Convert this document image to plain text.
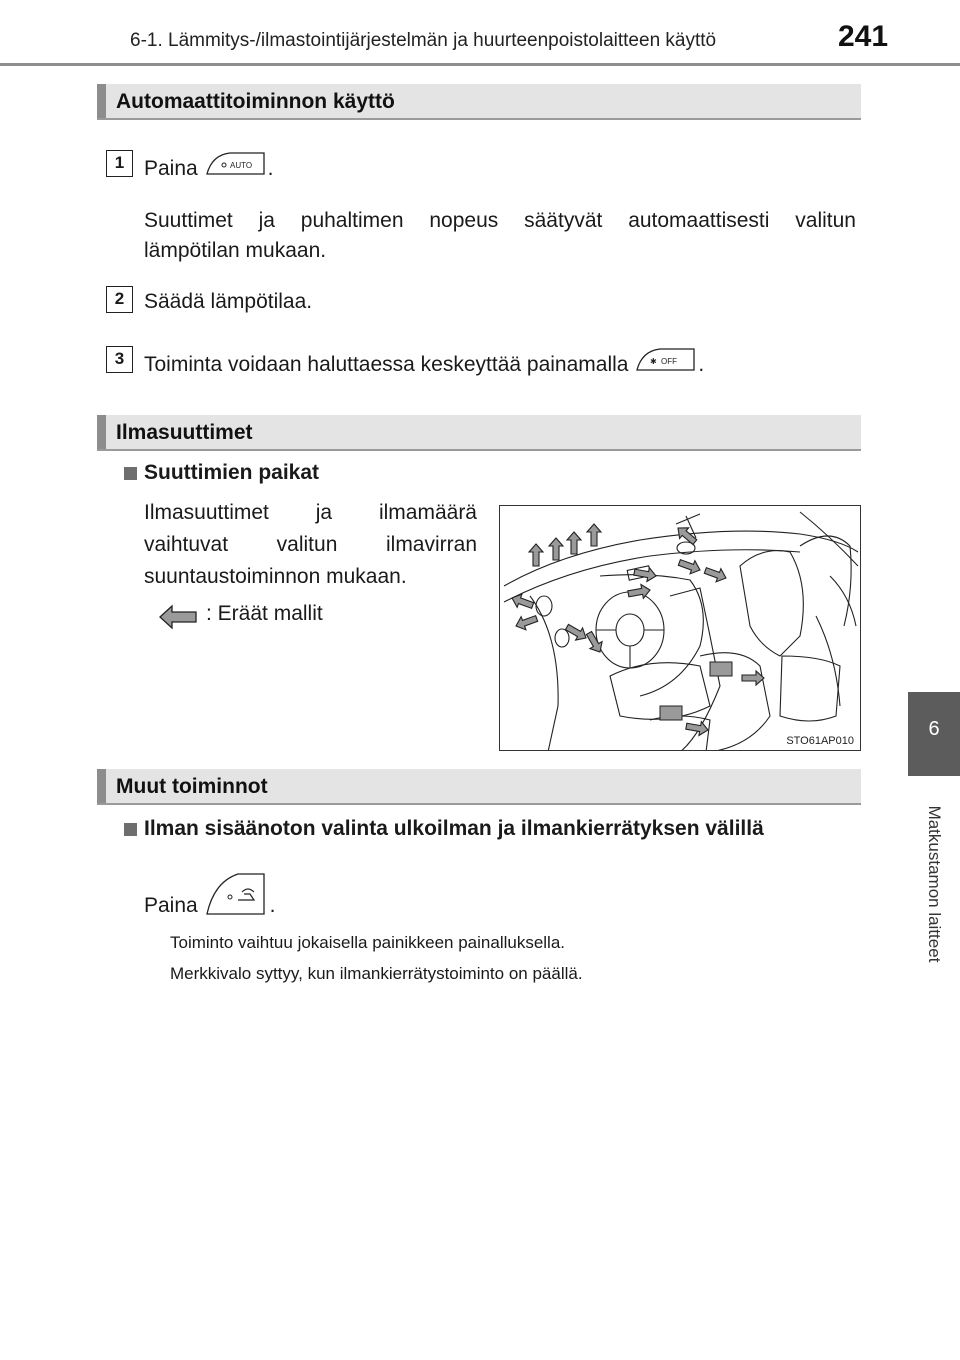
6-1. Lämmitys-/ilmastointijärjestelmän ja huurteenpoistolaitteen käyttö	241
6
Matkustamon laitteet
Automaattitoiminnon käyttö
1 Paina	AUTO .
Suuttimet ja puhaltimen nopeus säätyvät automaattisesti valitun
lämpötilan mukaan.
2 Säädä lämpötilaa.
3 Toiminta voidaan haluttaessa keskeyttää painamalla	✱ OFF .
Ilmasuuttimet
Suuttimien paikat
Ilmasuuttimet ja ilmamäärä
vaihtuvat valitun ilmavirran
suuntaustoiminnon mukaan.
: Eräät mallit
STO61AP010
Muut toiminnot
Ilman sisäänoton valinta ulkoilman ja ilmankierrätyksen välillä
Paina	.
Toiminto vaihtuu jokaisella painikkeen painalluksella.
Merkkivalo syttyy, kun ilmankierrätystoiminto on päällä.
